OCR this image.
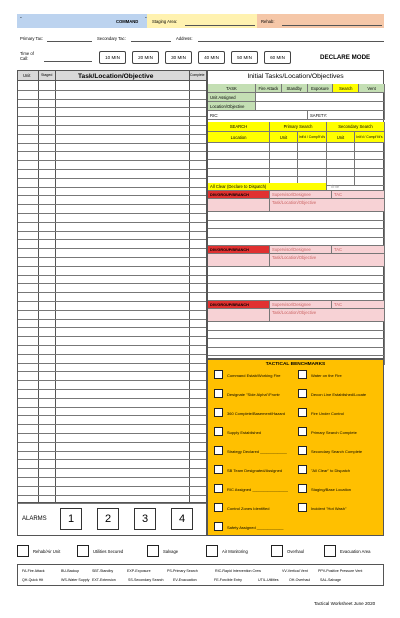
"
COMMAND
"
Staging Area:	Rehab:
Primary Tac:	Secondary Tac:	Address:
Time of Call:	10 MIN	20 MIN	30 MIN	40 MIN	50 MIN	60 MIN	DECLARE MODE
Unit	Staged	Task/Location/Objective	Complete	Initial Tasks/Location/Objectives
TASK	Fire Attack	Standby	Exposure	Search	Vent
Unit Assigned
Location/Objective
RIC:	SAFETY:
SEARCH	Primary Search	Secondary Search
Location	Unit	Init'd / Compl't'd's	Unit	Init'd / Compl't'd's
All Clear (Declare to Dispatch)	Time
DIV/GROUP/BRANCH	Supervisor/Designee	TAC
Task/Location/Objective
DIV/GROUP/BRANCH	Supervisor/Designee	TAC
Task/Location/Objective
DIV/GROUP/BRANCH	Supervisor/Designee	TAC
Task/Location/Objective
TACTICAL BENCHMARKS
Command Estab/Working Fire
Designate "Side Alpha"/Frontr
360 Complete/Basement/Hazard
Supply Established
Strategy Declared ____________
SB Team Designated/Assigned
RIC Assigned ________________
Control Zones Identified
Safety Assigned ____________
Water on the Fire
Decon Line Established/Locate
Fire Under Control
Primary Search Complete
Secondary Search Complete
"All Clear" to Dispatch
Staging/Base Location
Incident "Hot Wash"
ALARMS	1	2	3	4
Rehab/Air Unit	Utilities Secured	Salvage	Air Monitoring	Overhaul	Evacuation Area
FA-Fire Attack	BU-Backup	SBT-Standby	EXP-Exposure	PS-Primary Search	RIC-Rapid Intervention Crew	VV-Vertical Vent	PPV-Positive Pressure Vent
QH-Quick Hit	WS-Water Supply EXT-Extension	SS-Secondary Search	EV-Evacuation	FE-Forcible Entry	UTIL-Utilities	OH-Overhaul	SAL-Salvage
Tactical Worksheet June 2020
